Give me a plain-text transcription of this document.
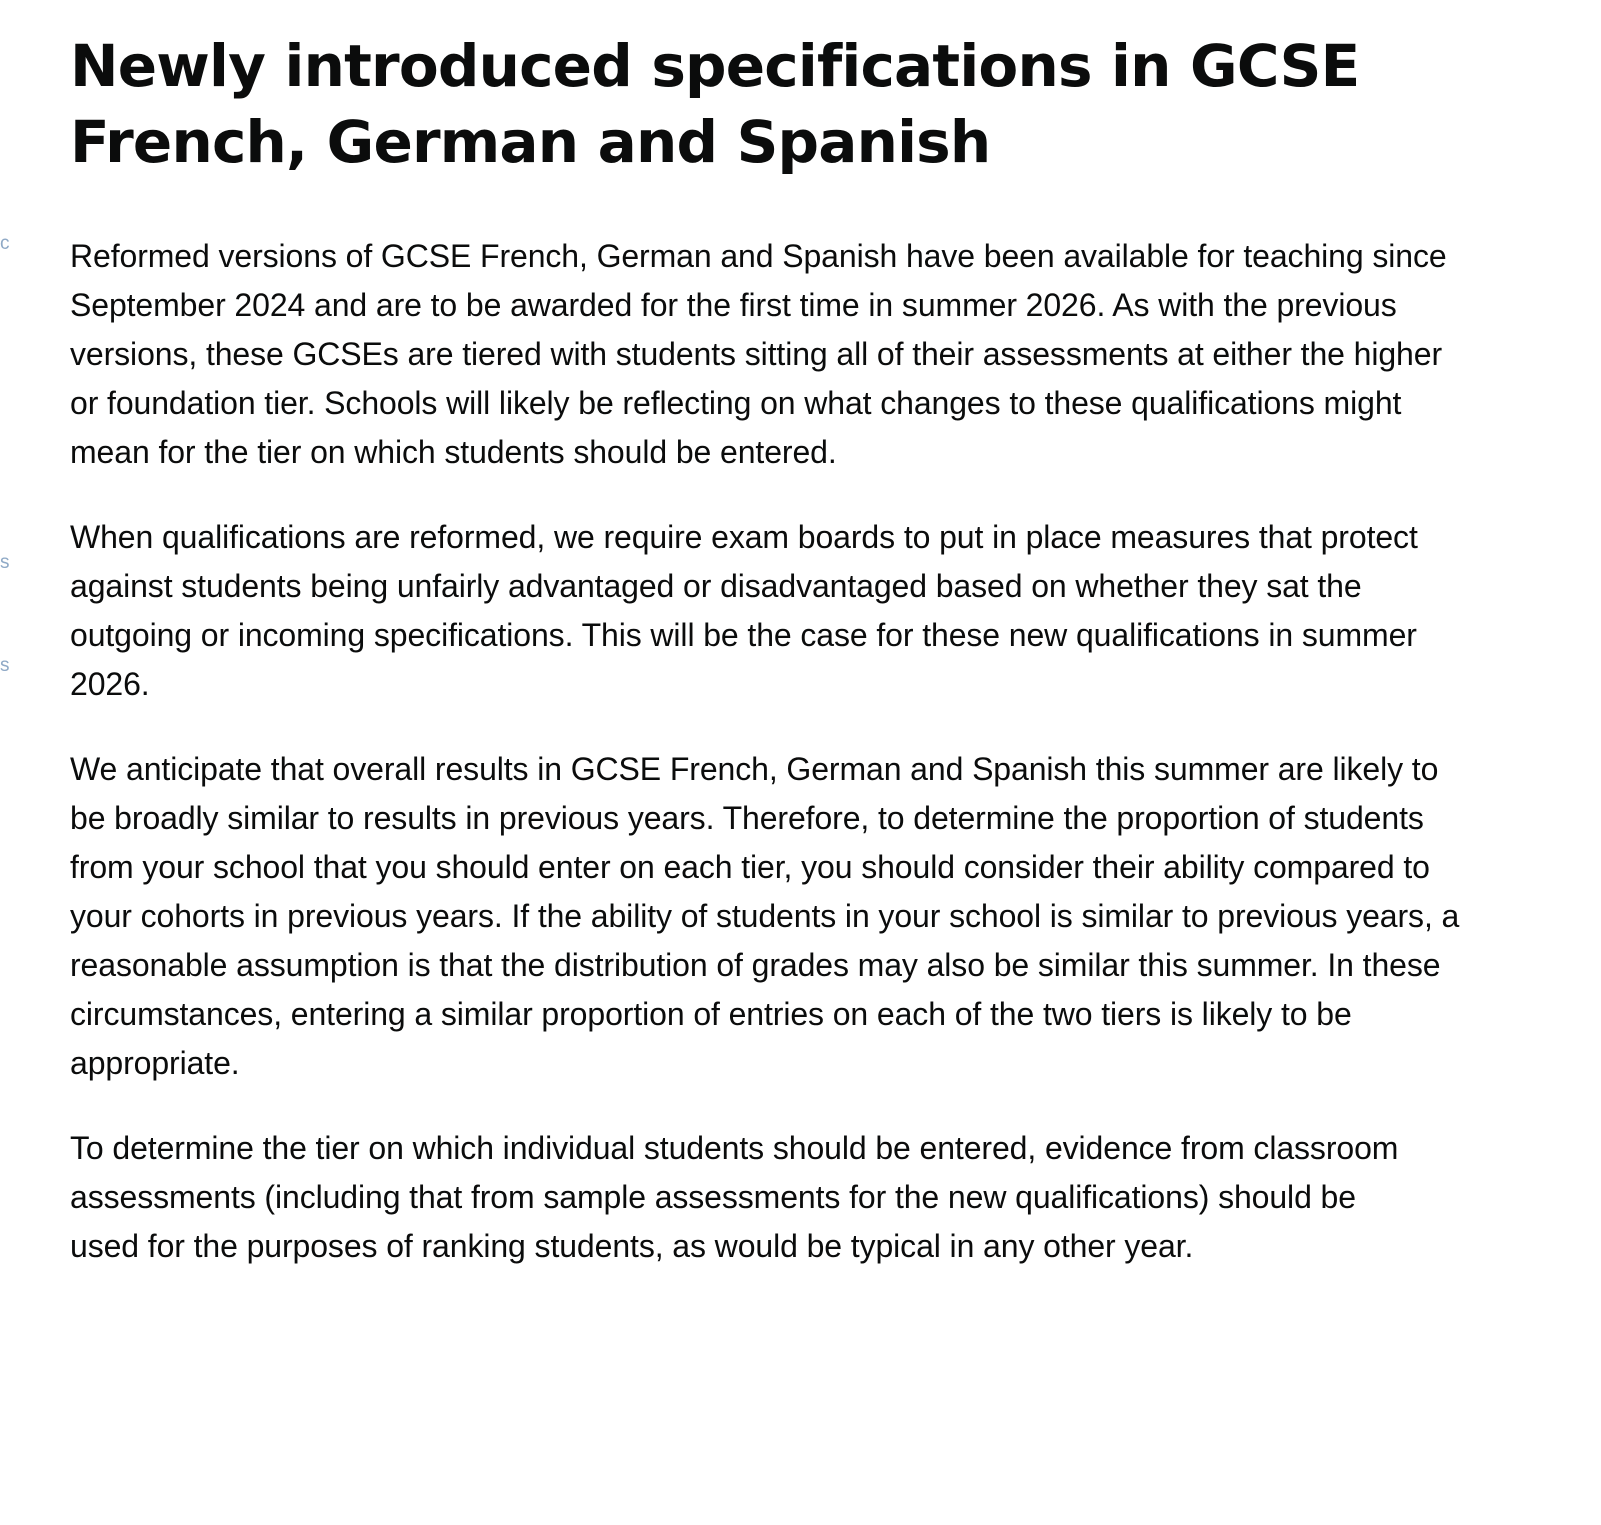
c
s
s
Newly introduced specifications in GCSE French, German and Spanish

Reformed versions of GCSE French, German and Spanish have been available for teaching since September 2024 and are to be awarded for the first time in summer 2026. As with the previous versions, these GCSEs are tiered with students sitting all of their assessments at either the higher or foundation tier. Schools will likely be reflecting on what changes to these qualifications might mean for the tier on which students should be entered.

When qualifications are reformed, we require exam boards to put in place measures that protect against students being unfairly advantaged or disadvantaged based on whether they sat the outgoing or incoming specifications. This will be the case for these new qualifications in summer 2026.

We anticipate that overall results in GCSE French, German and Spanish this summer are likely to be broadly similar to results in previous years. Therefore, to determine the proportion of students from your school that you should enter on each tier, you should consider their ability compared to your cohorts in previous years. If the ability of students in your school is similar to previous years, a reasonable assumption is that the distribution of grades may also be similar this summer. In these circumstances, entering a similar proportion of entries on each of the two tiers is likely to be appropriate.

To determine the tier on which individual students should be entered, evidence from classroom assessments (including that from sample assessments for the new qualifications) should be used for the purposes of ranking students, as would be typical in any other year.
